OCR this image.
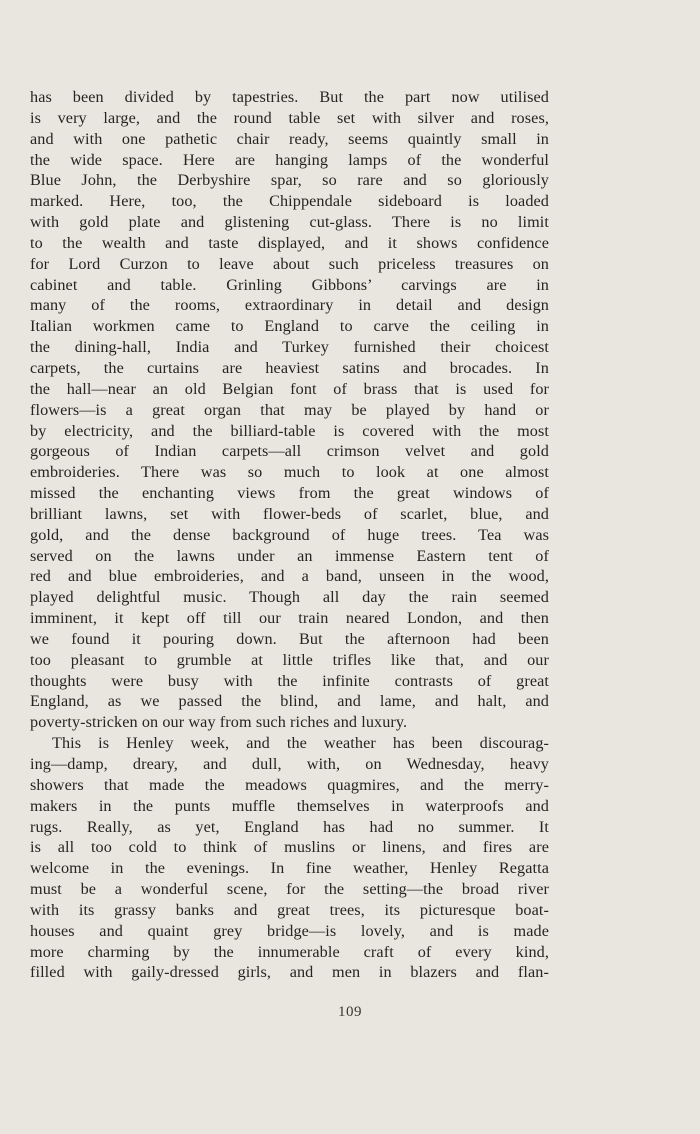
has been divided by tapestries. But the part now utilised
is very large, and the round table set with silver and roses,
and with one pathetic chair ready, seems quaintly small in
the wide space. Here are hanging lamps of the wonderful
Blue John, the Derbyshire spar, so rare and so gloriously
marked. Here, too, the Chippendale sideboard is loaded
with gold plate and glistening cut-glass. There is no limit
to the wealth and taste displayed, and it shows confidence
for Lord Curzon to leave about such priceless treasures on
cabinet and table. Grinling Gibbons’ carvings are in
many of the rooms, extraordinary in detail and design
Italian workmen came to England to carve the ceiling in
the dining-hall, India and Turkey furnished their choicest
carpets, the curtains are heaviest satins and brocades. In
the hall—near an old Belgian font of brass that is used for
flowers—is a great organ that may be played by hand or
by electricity, and the billiard-table is covered with the most
gorgeous of Indian carpets—all crimson velvet and gold
embroideries. There was so much to look at one almost
missed the enchanting views from the great windows of
brilliant lawns, set with flower-beds of scarlet, blue, and
gold, and the dense background of huge trees. Tea was
served on the lawns under an immense Eastern tent of
red and blue embroideries, and a band, unseen in the wood,
played delightful music. Though all day the rain seemed
imminent, it kept off till our train neared London, and then
we found it pouring down. But the afternoon had been
too pleasant to grumble at little trifles like that, and our
thoughts were busy with the infinite contrasts of great
England, as we passed the blind, and lame, and halt, and
poverty-stricken on our way from such riches and luxury.
This is Henley week, and the weather has been discourag-
ing—damp, dreary, and dull, with, on Wednesday, heavy
showers that made the meadows quagmires, and the merry-
makers in the punts muffle themselves in waterproofs and
rugs. Really, as yet, England has had no summer. It
is all too cold to think of muslins or linens, and fires are
welcome in the evenings. In fine weather, Henley Regatta
must be a wonderful scene, for the setting—the broad river
with its grassy banks and great trees, its picturesque boat-
houses and quaint grey bridge—is lovely, and is made
more charming by the innumerable craft of every kind,
filled with gaily-dressed girls, and men in blazers and flan-
109
